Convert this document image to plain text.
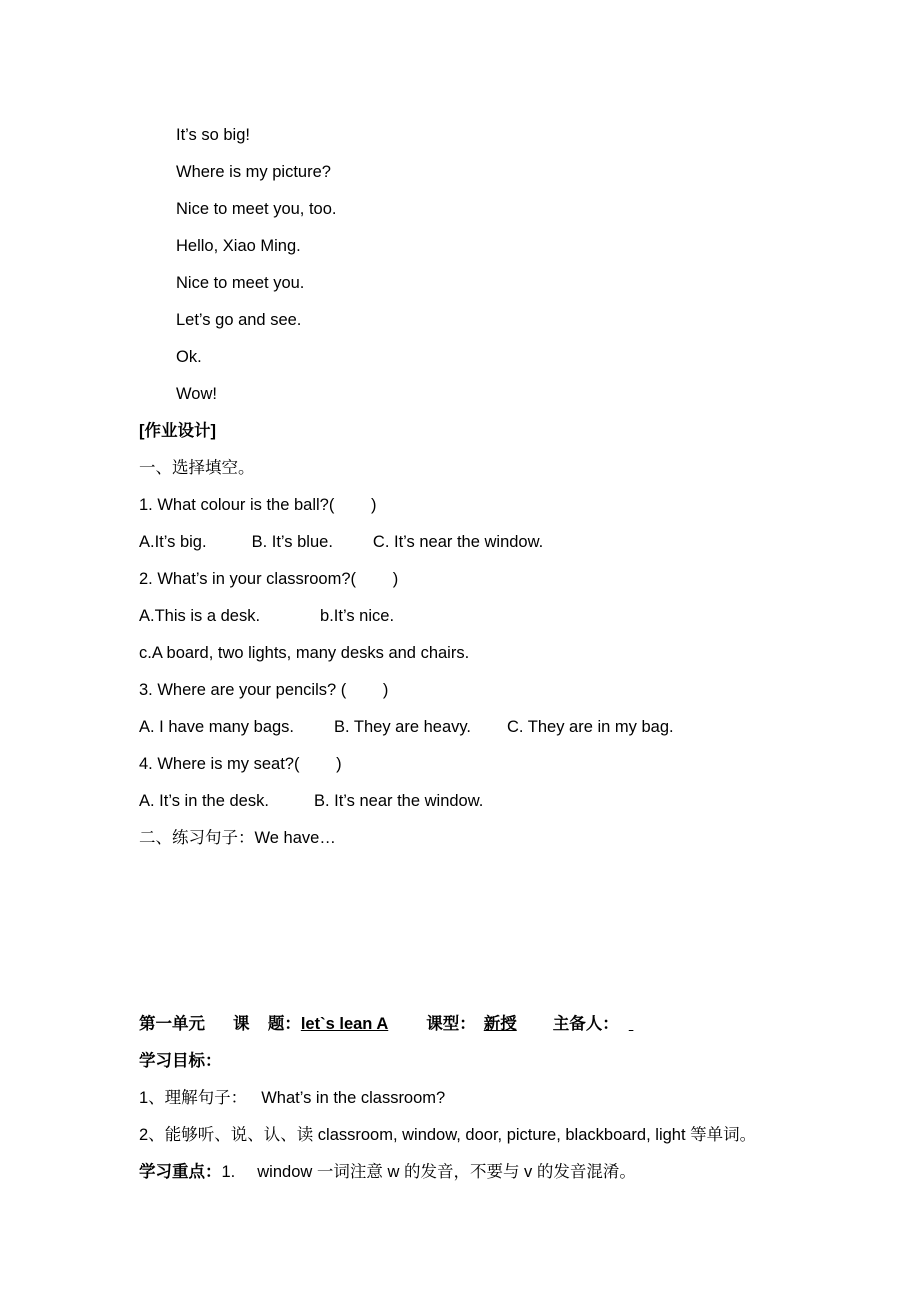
It’s so big!
Where is my picture?
Nice to meet you, too.
Hello, Xiao Ming.
Nice to meet you.
Let’s go and see.
Ok.
Wow!
[作业设计]
一、选择填空。
1. What colour is the ball?(        )
A.It’s big.	B. It’s blue. C. It’s near the window.
2. What’s in your classroom?(        )
A.This is a desk.	b.It’s nice.
c.A board, two lights, many desks and chairs.
3. Where are your pencils? (        )
A. I have many bags. B. They are heavy. C. They are in my bag.
4. Where is my seat?(        )
A. It’s in the desk.	B. It’s near the window.
二、练习句子：We have…
第一单元 课    题：let`s lean A 课型： 新授 主备人：
学习目标：
1、理解句子： What’s in the classroom?
2、能够听、说、认、读 classroom, window, door, picture, blackboard, light 等单词。
学习重点：1. window 一词注意 w 的发音，不要与 v 的发音混淆。
